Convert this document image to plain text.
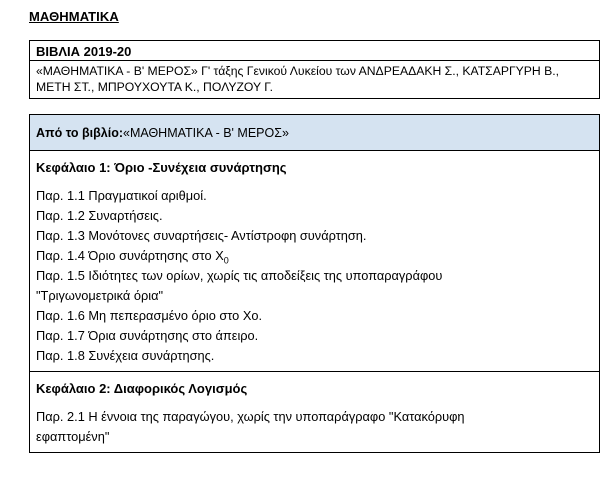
ΜΑΘΗΜΑΤΙΚΑ
ΒΙΒΛΙΑ 2019-20
«ΜΑΘΗΜΑΤΙΚΑ - Β' ΜΕΡΟΣ» Γ' τάξης Γενικού Λυκείου των ΑΝΔΡΕΑΔΑΚΗ Σ., ΚΑΤΣΑΡΓΥΡΗ Β., ΜΕΤΗ ΣΤ., ΜΠΡΟΥΧΟΥΤΑ Κ., ΠΟΛΥΖΟΥ Γ.
Από το βιβλίο: «ΜΑΘΗΜΑΤΙΚΑ - Β' ΜΕΡΟΣ»
Κεφάλαιο 1: Όριο -Συνέχεια συνάρτησης
Παρ. 1.1 Πραγματικοί αριθμοί.
Παρ. 1.2 Συναρτήσεις.
Παρ. 1.3 Μονότονες συναρτήσεις- Αντίστροφη συνάρτηση.
Παρ. 1.4 Όριο συνάρτησης στο $X_0$
Παρ. 1.5 Ιδιότητες των ορίων, χωρίς τις αποδείξεις της υποπαραγράφου
"Τριγωνομετρικά όρια"
Παρ. 1.6 Μη πεπερασμένο όριο στο Xo.
Παρ. 1.7 Όρια συνάρτησης στο άπειρο.
Παρ. 1.8 Συνέχεια συνάρτησης.
Κεφάλαιο 2: Διαφορικός Λογισμός
Παρ. 2.1 Η έννοια της παραγώγου, χωρίς την υποπαράγραφο "Κατακόρυφη
εφαπτομένη"
